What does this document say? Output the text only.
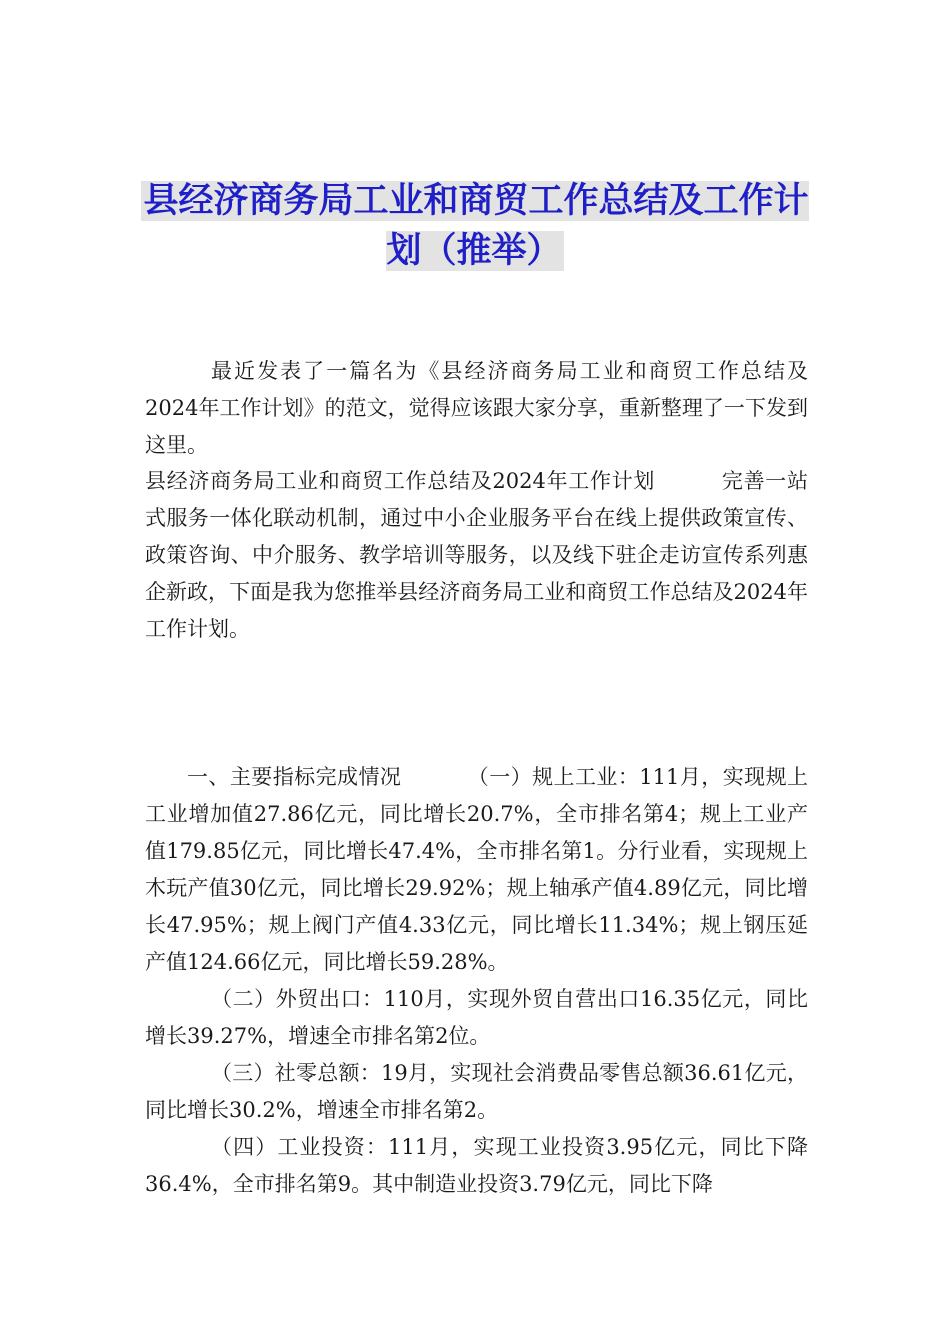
县经济商务局工业和商贸工作总结及工作计划（推举）

最近发表了一篇名为《县经济商务局工业和商贸工作总结及2024年工作计划》的范文，觉得应该跟大家分享，重新整理了一下发到这里。

县经济商务局工业和商贸工作总结及2024年工作计划	完善一站式服务一体化联动机制，通过中小企业服务平台在线上提供政策宣传、政策咨询、中介服务、教学培训等服务，以及线下驻企走访宣传系列惠企新政，下面是我为您推举县经济商务局工业和商贸工作总结及2024年工作计划。

一、主要指标完成情况	（一）规上工业：111月，实现规上工业增加值27.86亿元，同比增长20.7%，全市排名第4；规上工业产值179.85亿元，同比增长47.4%，全市排名第1。分行业看，实现规上木玩产值30亿元，同比增长29.92%；规上轴承产值4.89亿元，同比增长47.95%；规上阀门产值4.33亿元，同比增长11.34%；规上钢压延产值124.66亿元，同比增长59.28%。

（二）外贸出口：110月，实现外贸自营出口16.35亿元，同比增长39.27%，增速全市排名第2位。

（三）社零总额：19月，实现社会消费品零售总额36.61亿元，同比增长30.2%，增速全市排名第2。

（四）工业投资：111月，实现工业投资3.95亿元，同比下降36.4%，全市排名第9。其中制造业投资3.79亿元，同比下降
